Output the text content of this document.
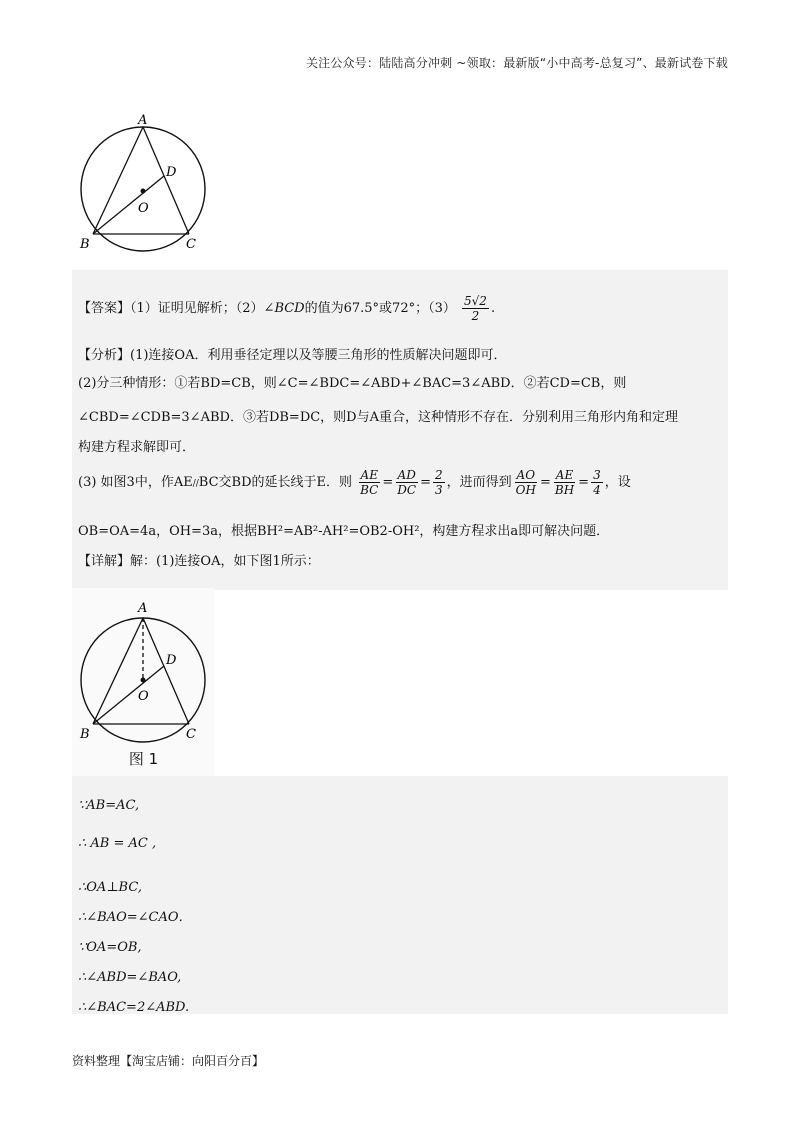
关注公众号：陆陆高分冲刺 ~领取：最新版“小中高考-总复习”、最新试卷下载
A
B	C
D
O
【答案】（1）证明见解析；（2）∠BCD的值为67.5°或72°；$(3) \frac{5√2}{2}$ .
【分析】(1)连接OA．利用垂径定理以及等腰三角形的性质解决问题即可．
(2)分三种情形：①若BD=CB，则∠C=∠BDC=∠ABD+∠BAC=3∠ABD．②若CD=CB，则
∠CBD=∠CDB=3∠ABD．③若DB=DC，则D与A重合，这种情形不存在．分别利用三角形内角和定理
构建方程求解即可．
(3) 如图3中，作AE//BC交BD的延长线于E．则 $\frac{AE}{BC} = \frac{AD}{DC} = \frac{2}{3}$ ，进而得到 $\frac{AO}{OH} = \frac{AE}{BH} = \frac{3}{4}$ ，设
OB=OA=4a，OH=3a，根据BH²=AB²-AH²=OB2-OH²，构建方程求出a即可解决问题．
【详解】解：(1)连接OA，如下图1所示：
A
B	C
D
O
图 1
∵AB=AC,
∴ AB = AC ,
∴OA⊥BC,
∴∠BAO=∠CAO．
∵OA=OB,
∴∠ABD=∠BAO,
∴∠BAC=2∠ABD.
资料整理【淘宝店铺：向阳百分百】
